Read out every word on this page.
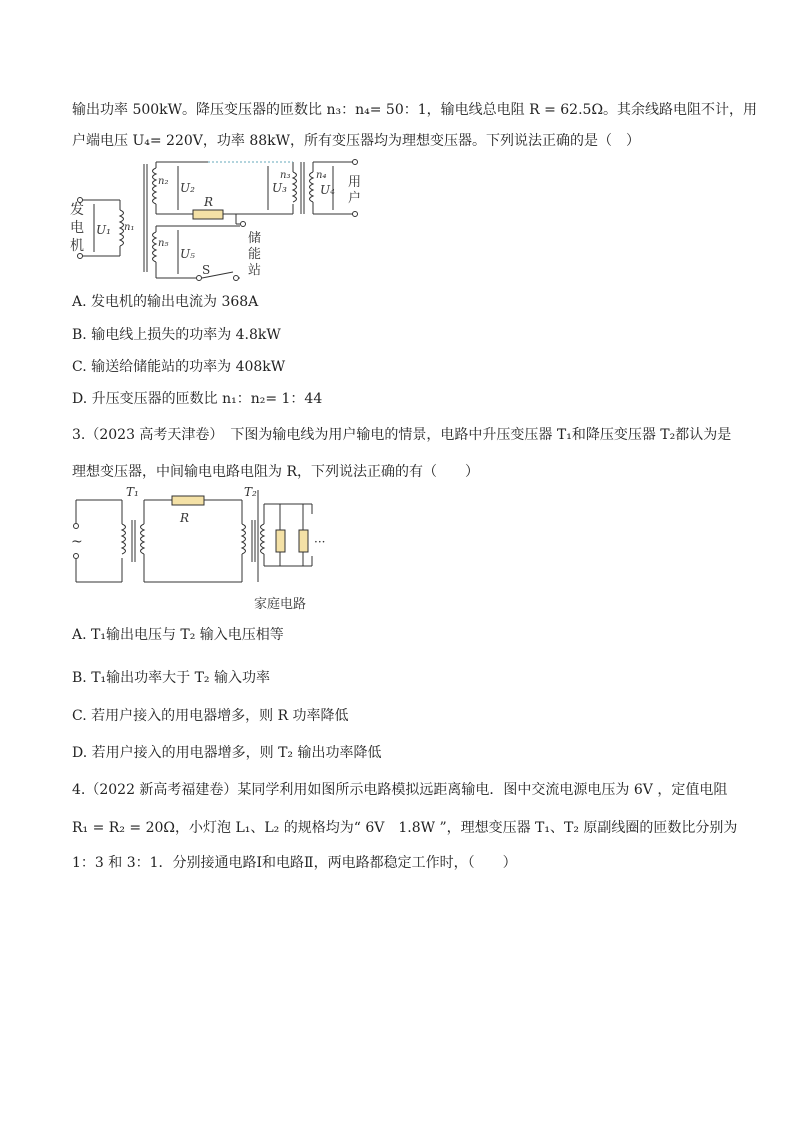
输出功率 500kW。降压变压器的匝数比 n₃：n₄= 50：1，输电线总电阻 R = 62.5Ω。其余线路电阻不计，用
户端电压 U₄= 220V，功率 88kW，所有变压器均为理想变压器。下列说法正确的是（　）
发
电
机
U₁ n₁
n₂ U₂
R
U₃
n₃	n₄
U₄ 用
户
n₅
U₅
S
储
能
站
A. 发电机的输出电流为 368A
B. 输电线上损失的功率为 4.8kW
C. 输送给储能站的功率为 408kW
D. 升压变压器的匝数比 n₁：n₂= 1：44
3.（2023 高考天津卷）　下图为输电线为用户输电的情景，电路中升压变压器 T₁和降压变压器 T₂都认为是
理想变压器，中间输电电路电阻为 R，下列说法正确的有（　　）
T₁
R
T₂
~	···
家庭电路
A. T₁输出电压与 T₂ 输入电压相等
B. T₁输出功率大于 T₂ 输入功率
C. 若用户接入的用电器增多，则 R 功率降低
D. 若用户接入的用电器增多，则 T₂ 输出功率降低
4.（2022 新高考福建卷）某同学利用如图所示电路模拟远距离输电．图中交流电源电压为 6V ，定值电阻
R₁ = R₂ = 20Ω，小灯泡 L₁、L₂ 的规格均为“ 6V　1.8W ”，理想变压器 T₁、T₂ 原副线圈的匝数比分别为
1：3 和 3：1．分别接通电路Ⅰ和电路Ⅱ，两电路都稳定工作时，（　　）
